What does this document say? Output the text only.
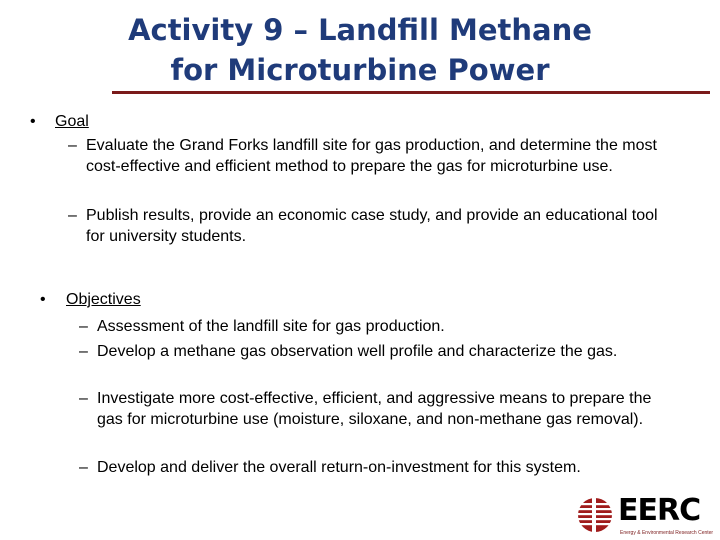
Activity 9 – Landfill Methane
for Microturbine Power
• Goal
– Evaluate the Grand Forks landfill site for gas production, and determine the most cost-effective and efficient method to prepare the gas for microturbine use.
– Publish results, provide an economic case study, and provide an educational tool for university students.
• Objectives
– Assessment of the landfill site for gas production.
– Develop a methane gas observation well profile and characterize the gas.
– Investigate more cost-effective, efficient, and aggressive means to prepare the gas for microturbine use (moisture, siloxane, and non-methane gas removal).
– Develop and deliver the overall return-on-investment for this system.
EERC
Energy & Environmental Research Center
